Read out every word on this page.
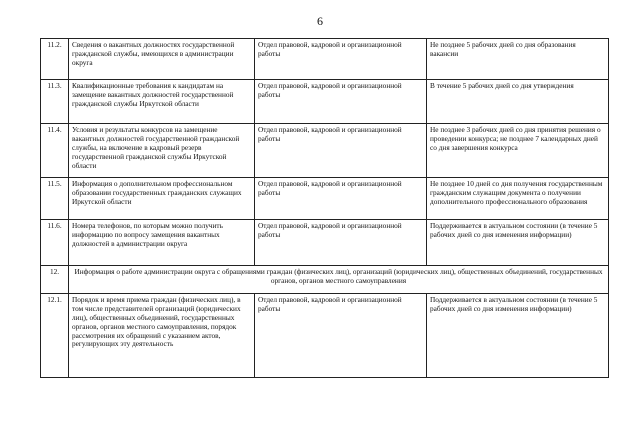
6
11.2.	Сведения о вакантных должностях государственной гражданской службы, имеющихся в администрации округа	Отдел правовой, кадровой и организационной работы	Не позднее 5 рабочих дней со дня образования вакансии
11.3.	Квалификационные требования к кандидатам на замещение вакантных должностей государственной гражданской службы Иркутской области	Отдел правовой, кадровой и организационной работы	В течение 5 рабочих дней со дня утверждения
11.4.	Условия и результаты конкурсов на замещение вакантных должностей государственной гражданской службы, на включение в кадровый резерв государственной гражданской службы Иркутской области	Отдел правовой, кадровой и организационной работы	Не позднее 3 рабочих дней со дня принятия решения о проведении конкурса; не позднее 7 календарных дней со дня завершения конкурса
11.5.	Информация о дополнительном профессиональном образовании государственных гражданских служащих Иркутской области	Отдел правовой, кадровой и организационной работы	Не позднее 10 дней со дня получения государственным гражданским служащим документа о получении дополнительного профессионального образования
11.6.	Номера телефонов, по которым можно получить информацию по вопросу замещения вакантных должностей в администрации округа	Отдел правовой, кадровой и организационной работы	Поддерживается в актуальном состоянии (в течение 5 рабочих дней со дня изменения информации)
12.	Информация о работе администрации округа с обращениями граждан (физических лиц), организаций (юридических лиц), общественных объединений, государственных органов, органов местного самоуправления		
12.1.	Порядок и время приема граждан (физических лиц), в том числе представителей организаций (юридических лиц), общественных объединений, государственных органов, органов местного самоуправления, порядок рассмотрения их обращений с указанием актов, регулирующих эту деятельность	Отдел правовой, кадровой и организационной работы	Поддерживается в актуальном состоянии (в течение 5 рабочих дней со дня изменения информации)
